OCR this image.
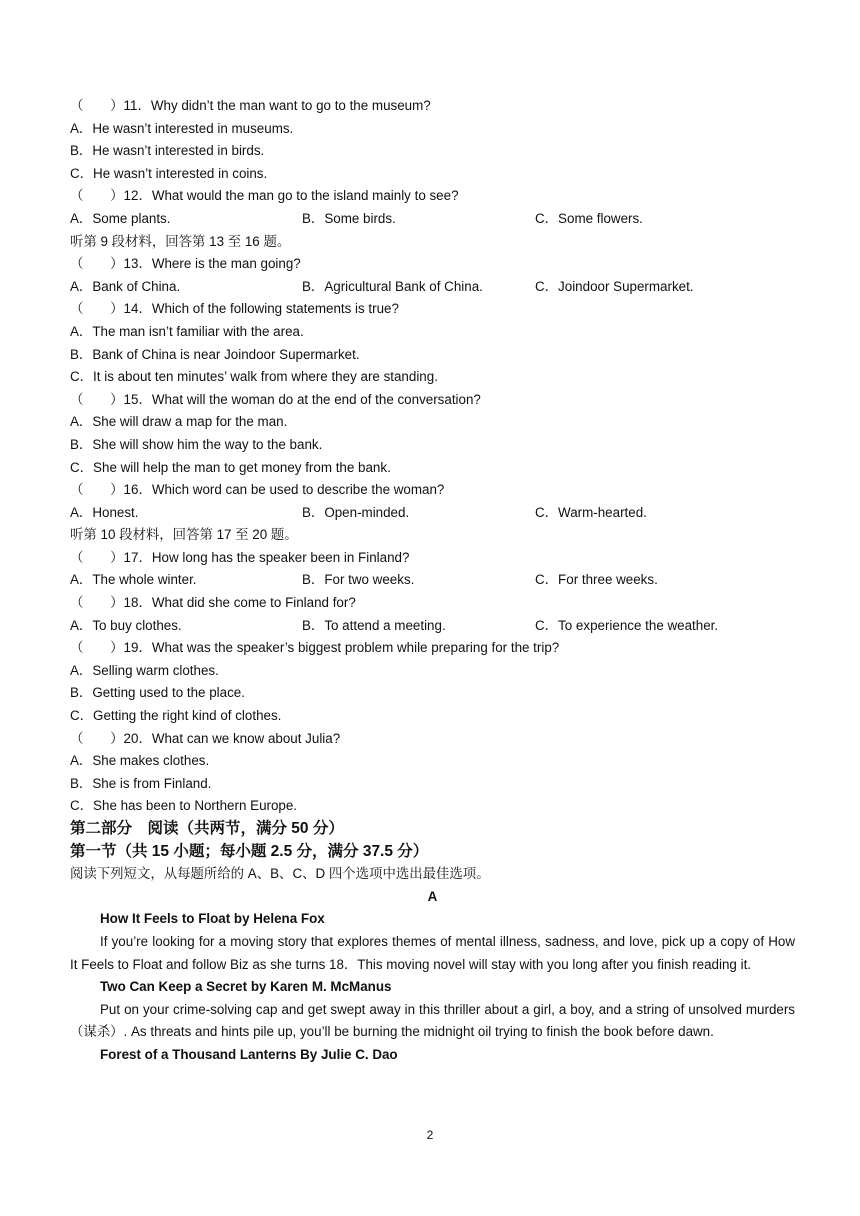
（　　）11．Why didn’t the man want to go to the museum?
A．He wasn’t interested in museums.
B．He wasn’t interested in birds.
C．He wasn’t interested in coins.
（　　）12．What would the man go to the island mainly to see?
A．Some plants.	B．Some birds.	C．Some flowers.
听第 9 段材料，回答第 13 至 16 题。
（　　）13．Where is the man going?
A．Bank of China.	B．Agricultural Bank of China.	C．Joindoor Supermarket.
（　　）14．Which of the following statements is true?
A．The man isn’t familiar with the area.
B．Bank of China is near Joindoor Supermarket.
C．It is about ten minutes’ walk from where they are standing.
（　　）15．What will the woman do at the end of the conversation?
A．She will draw a map for the man.
B．She will show him the way to the bank.
C．She will help the man to get money from the bank.
（　　）16．Which word can be used to describe the woman?
A．Honest.	B．Open-minded.	C．Warm-hearted.
听第 10 段材料，回答第 17 至 20 题。
（　　）17．How long has the speaker been in Finland?
A．The whole winter.	B．For two weeks.	C．For three weeks.
（　　）18．What did she come to Finland for?
A．To buy clothes.	B．To attend a meeting.	C．To experience the weather.
（　　）19．What was the speaker’s biggest problem while preparing for the trip?
A．Selling warm clothes.
B．Getting used to the place.
C．Getting the right kind of clothes.
（　　）20．What can we know about Julia?
A．She makes clothes.
B．She is from Finland.
C．She has been to Northern Europe.
第二部分　阅读（共两节，满分 50 分）
第一节（共 15 小题；每小题 2.5 分，满分 37.5 分）
阅读下列短文，从每题所给的 A、B、C、D 四个选项中选出最佳选项。
A
How It Feels to Float by Helena Fox
If you’re looking for a moving story that explores themes of mental illness, sadness, and love, pick up a copy of How It Feels to Float and follow Biz as she turns 18．This moving novel will stay with you long after you finish reading it.
Two Can Keep a Secret by Karen M. McManus
Put on your crime-solving cap and get swept away in this thriller about a girl, a boy, and a string of unsolved murders （谋杀）. As threats and hints pile up, you’ll be burning the midnight oil trying to finish the book before dawn.
Forest of a Thousand Lanterns By Julie C. Dao
2
